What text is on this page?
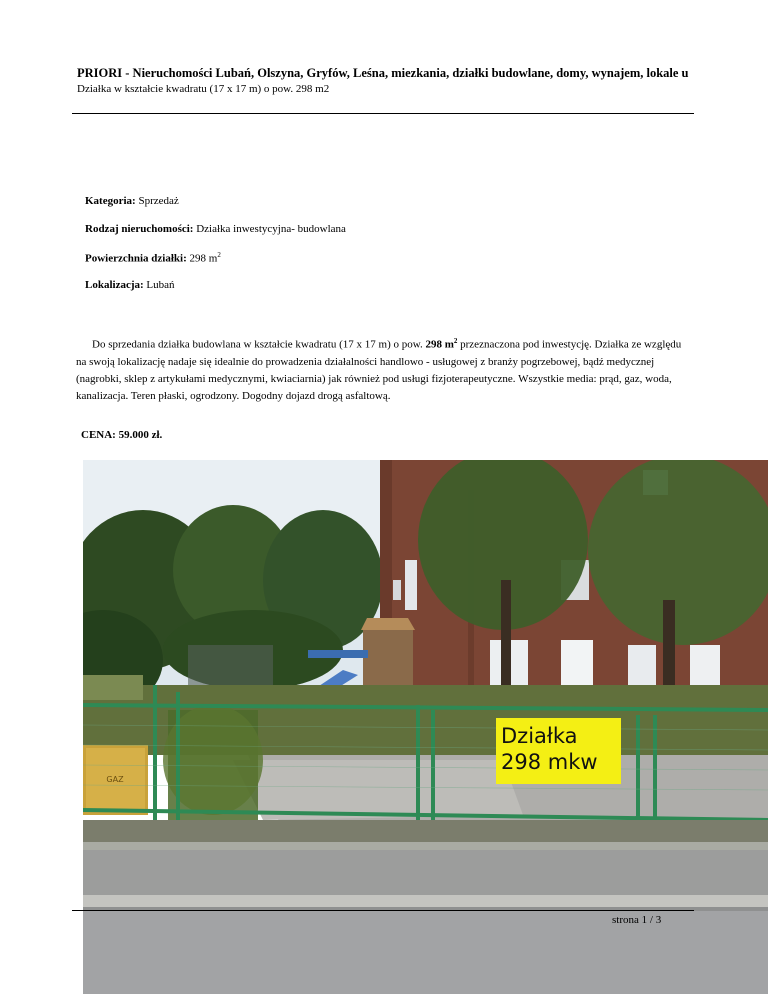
PRIORI - Nieruchomości Lubań, Olszyna, Gryfów, Leśna, miezkania, działki budowlane, domy, wynajem, lokale u
Działka w kształcie kwadratu (17 x 17 m) o pow. 298 m2
Kategoria: Sprzedaż
Rodzaj nieruchomości: Działka inwestycyjna- budowlana
Powierzchnia działki: 298 $m^2$
Lokalizacja: Lubań
Do sprzedania działka budowlana w kształcie kwadratu (17 x 17 m) o pow. 298 $m^2$ przeznaczona pod inwestycję. Działka ze względu na swoją lokalizację nadaje się idealnie do prowadzenia działalności handlowo - usługowej z branży pogrzebowej, bądź medycznej (nagrobki, sklep z artykułami medycznymi, kwiaciarnia) jak również pod usługi fizjoterapeutyczne. Wszystkie media: prąd, gaz, woda, kanalizacja. Teren płaski, ogrodzony. Dogodny dojazd drogą asfaltową.
CENA: 59.000 zł.
GAZ
Działka
298 mkw
strona 1 / 3
